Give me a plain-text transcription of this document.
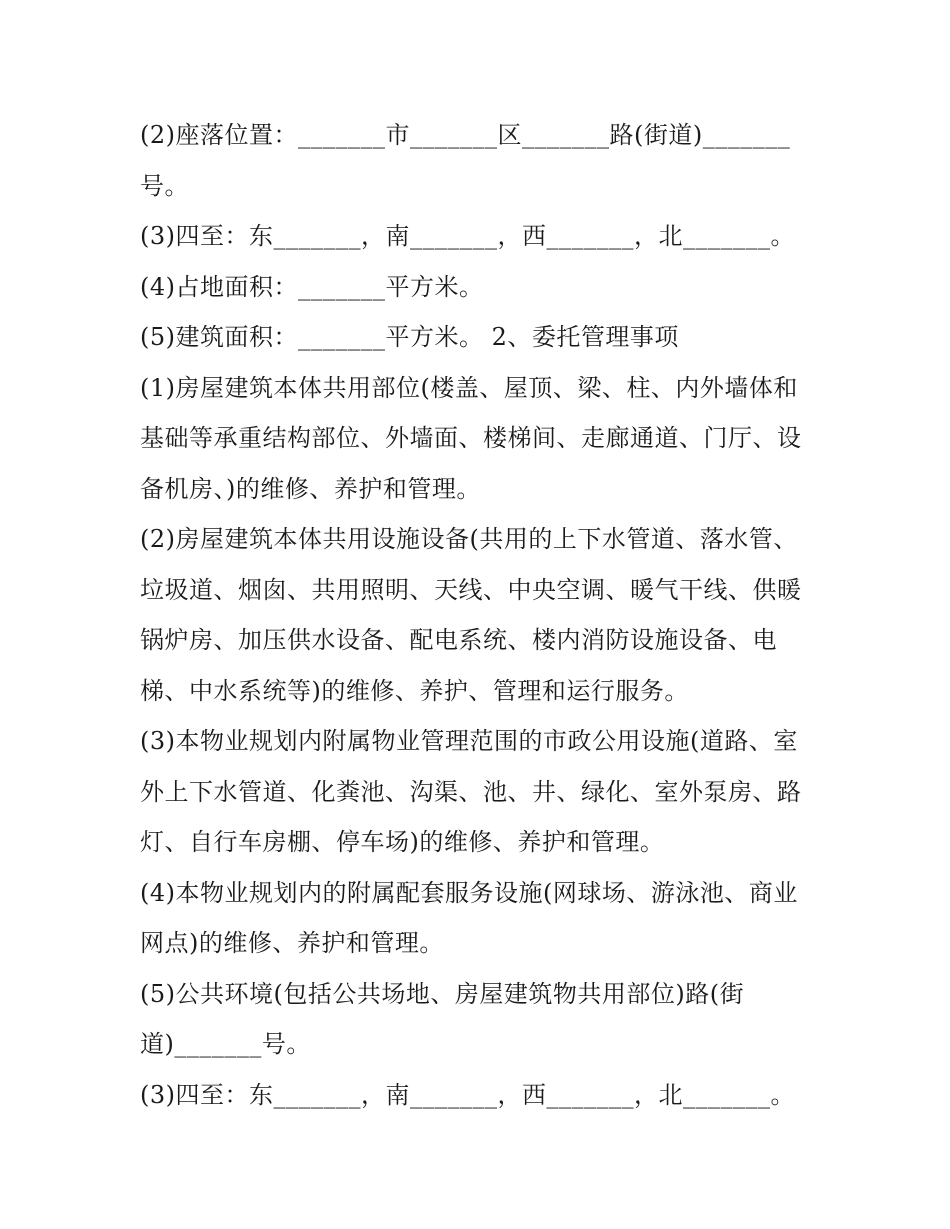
(2)座落位置：_______市_______区_______路(街道)_______
号。
(3)四至：东_______，南_______，西_______，北_______。
(4)占地面积：_______平方米。
(5)建筑面积：_______平方米。 2、委托管理事项
(1)房屋建筑本体共用部位(楼盖、屋顶、梁、柱、内外墙体和
基础等承重结构部位、外墙面、楼梯间、走廊通道、门厅、设
备机房、)的维修、养护和管理。
(2)房屋建筑本体共用设施设备(共用的上下水管道、落水管、
垃圾道、烟囱、共用照明、天线、中央空调、暖气干线、供暖
锅炉房、加压供水设备、配电系统、楼内消防设施设备、电
梯、中水系统等)的维修、养护、管理和运行服务。
(3)本物业规划内附属物业管理范围的市政公用设施(道路、室
外上下水管道、化粪池、沟渠、池、井、绿化、室外泵房、路
灯、自行车房棚、停车场)的维修、养护和管理。
(4)本物业规划内的附属配套服务设施(网球场、游泳池、商业
网点)的维修、养护和管理。
(5)公共环境(包括公共场地、房屋建筑物共用部位)路(街
道)_______号。
(3)四至：东_______，南_______，西_______，北_______。
